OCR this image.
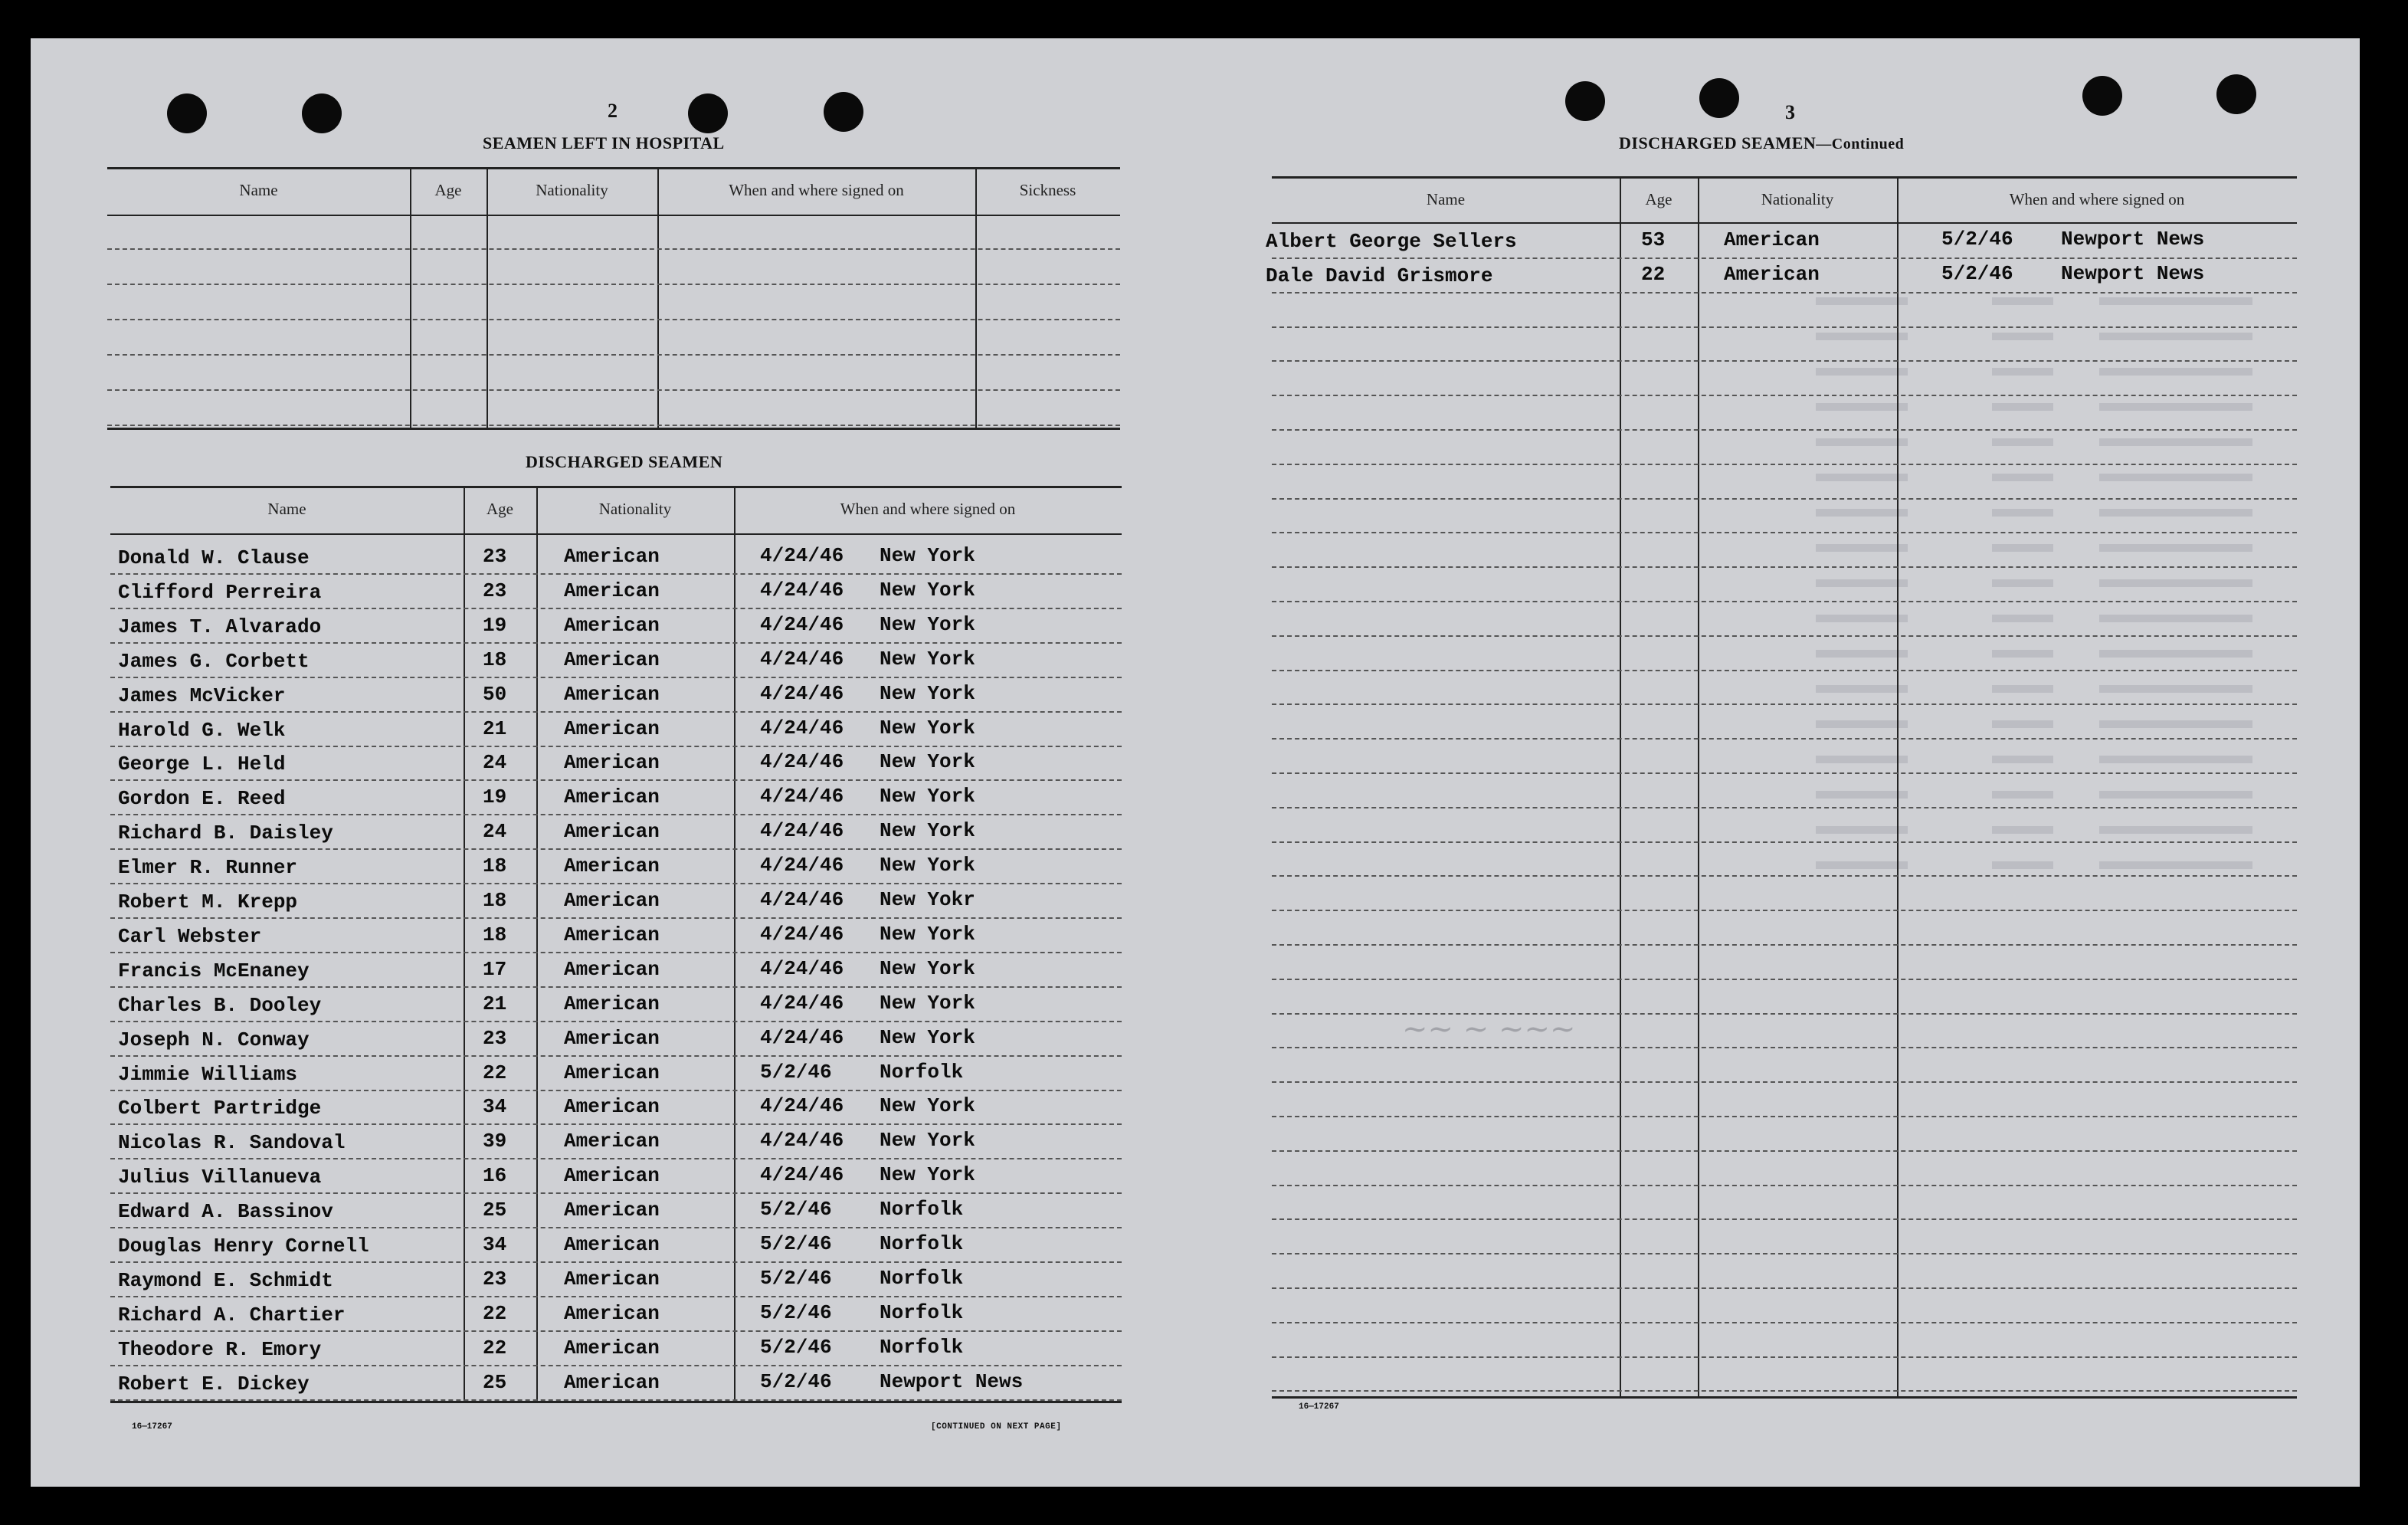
2
SEAMEN LEFT IN HOSPITAL
Name	Age	Nationality	When and where signed on	Sickness
DISCHARGED SEAMEN
Name	Age	Nationality	When and where signed on
Donald W. Clause	23	American	4/24/46 New York
Clifford Perreira	23	American	4/24/46 New York
James T. Alvarado	19	American	4/24/46 New York
James G. Corbett	18	American	4/24/46 New York
James McVicker	50	American	4/24/46 New York
Harold G. Welk	21	American	4/24/46 New York
George L. Held	24	American	4/24/46 New York
Gordon E. Reed	19	American	4/24/46 New York
Richard B. Daisley	24	American	4/24/46 New York
Elmer R. Runner	18	American	4/24/46 New York
Robert M. Krepp	18	American	4/24/46 New Yokr
Carl Webster	18	American	4/24/46 New York
Francis McEnaney	17	American	4/24/46 New York
Charles B. Dooley	21	American	4/24/46 New York
Joseph N. Conway	23	American	4/24/46 New York
Jimmie Williams	22	American	5/2/46 Norfolk
Colbert Partridge	34	American	4/24/46 New York
Nicolas R. Sandoval	39	American	4/24/46 New York
Julius Villanueva	16	American	4/24/46 New York
Edward A. Bassinov	25	American	5/2/46 Norfolk
Douglas Henry Cornell	34	American	5/2/46 Norfolk
Raymond E. Schmidt	23	American	5/2/46 Norfolk
Richard A. Chartier	22	American	5/2/46 Norfolk
Theodore R. Emory	22	American	5/2/46 Norfolk
Robert E. Dickey	25	American	5/2/46 Newport News
16—17267	[CONTINUED ON NEXT PAGE]
3
DISCHARGED SEAMEN—Continued
Name	Age	Nationality	When and where signed on
Albert George Sellers	53	American	5/2/46 Newport News
Dale David Grismore	22	American	5/2/46 Newport News
~~ ~ ~~~
16—17267
